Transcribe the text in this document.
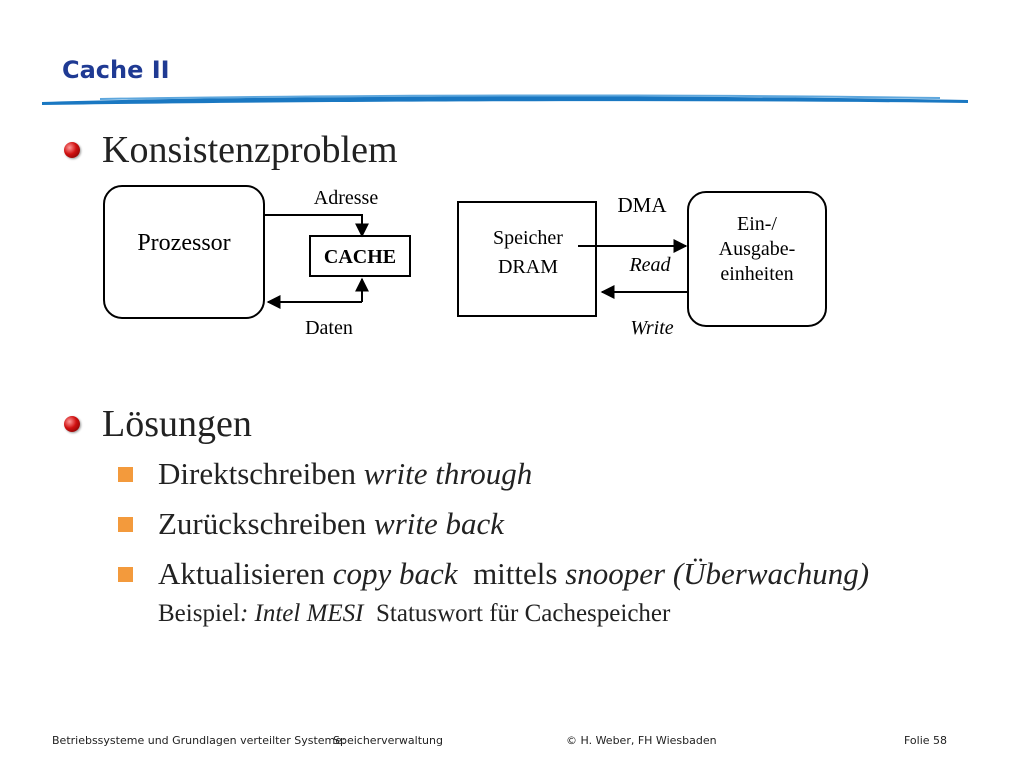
Cache II
Konsistenzproblem
Prozessor
CACHE
Adresse
Daten
Speicher
DRAM
DMA
Read
Write
Ein-/
Ausgabe-
einheiten
Lösungen
Direktschreiben write through
Zurückschreiben write back
Aktualisieren copy back mittels snooper (Überwachung)
Beispiel: Intel MESI Statuswort für Cachespeicher
Betriebssysteme und Grundlagen verteilter Systeme:
Speicherverwaltung	© H. Weber, FH Wiesbaden	Folie 58
